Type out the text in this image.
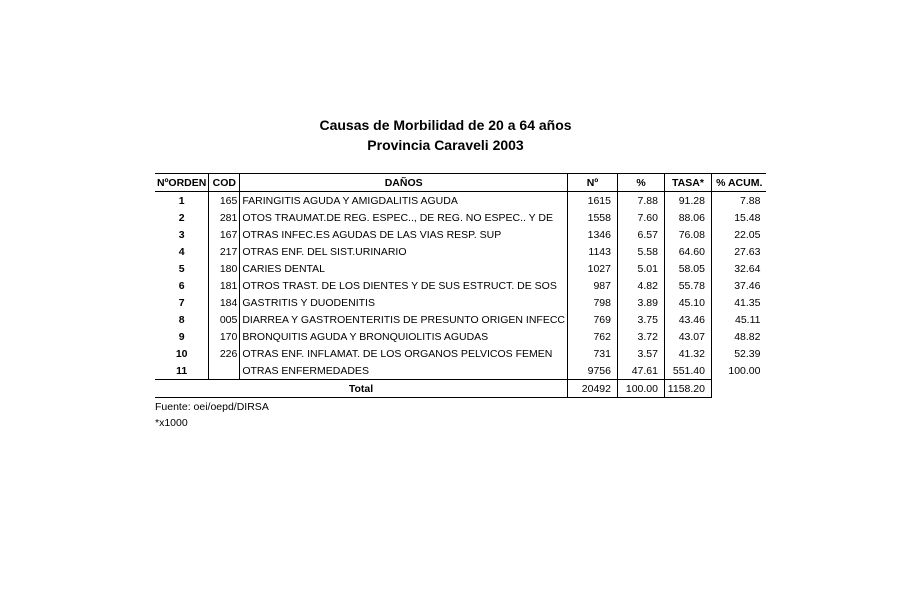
Causas de Morbilidad de 20 a 64 años
Provincia Caraveli 2003
NºORDEN	COD	DAÑOS	Nº	%	TASA*	% ACUM.
1	165	FARINGITIS AGUDA Y AMIGDALITIS AGUDA	1615	7.88	91.28	7.88
2	281	OTOS TRAUMAT.DE REG. ESPEC.., DE REG. NO ESPEC.. Y DE	1558	7.60	88.06	15.48
3	167	OTRAS INFEC.ES AGUDAS DE LAS VIAS RESP. SUP	1346	6.57	76.08	22.05
4	217	OTRAS ENF. DEL SIST.URINARIO	1143	5.58	64.60	27.63
5	180	CARIES DENTAL	1027	5.01	58.05	32.64
6	181	OTROS TRAST. DE LOS DIENTES Y DE SUS ESTRUCT. DE SOS	987	4.82	55.78	37.46
7	184	GASTRITIS Y DUODENITIS	798	3.89	45.10	41.35
8	005	DIARREA Y GASTROENTERITIS DE PRESUNTO ORIGEN INFECC	769	3.75	43.46	45.11
9	170	BRONQUITIS AGUDA Y BRONQUIOLITIS AGUDAS	762	3.72	43.07	48.82
10	226	OTRAS ENF. INFLAMAT. DE LOS ORGANOS PELVICOS FEMEN	731	3.57	41.32	52.39
11		OTRAS ENFERMEDADES	9756	47.61	551.40	100.00
Total			20492	100.00	1158.20	
Fuente: oei/oepd/DIRSA
*x1000
